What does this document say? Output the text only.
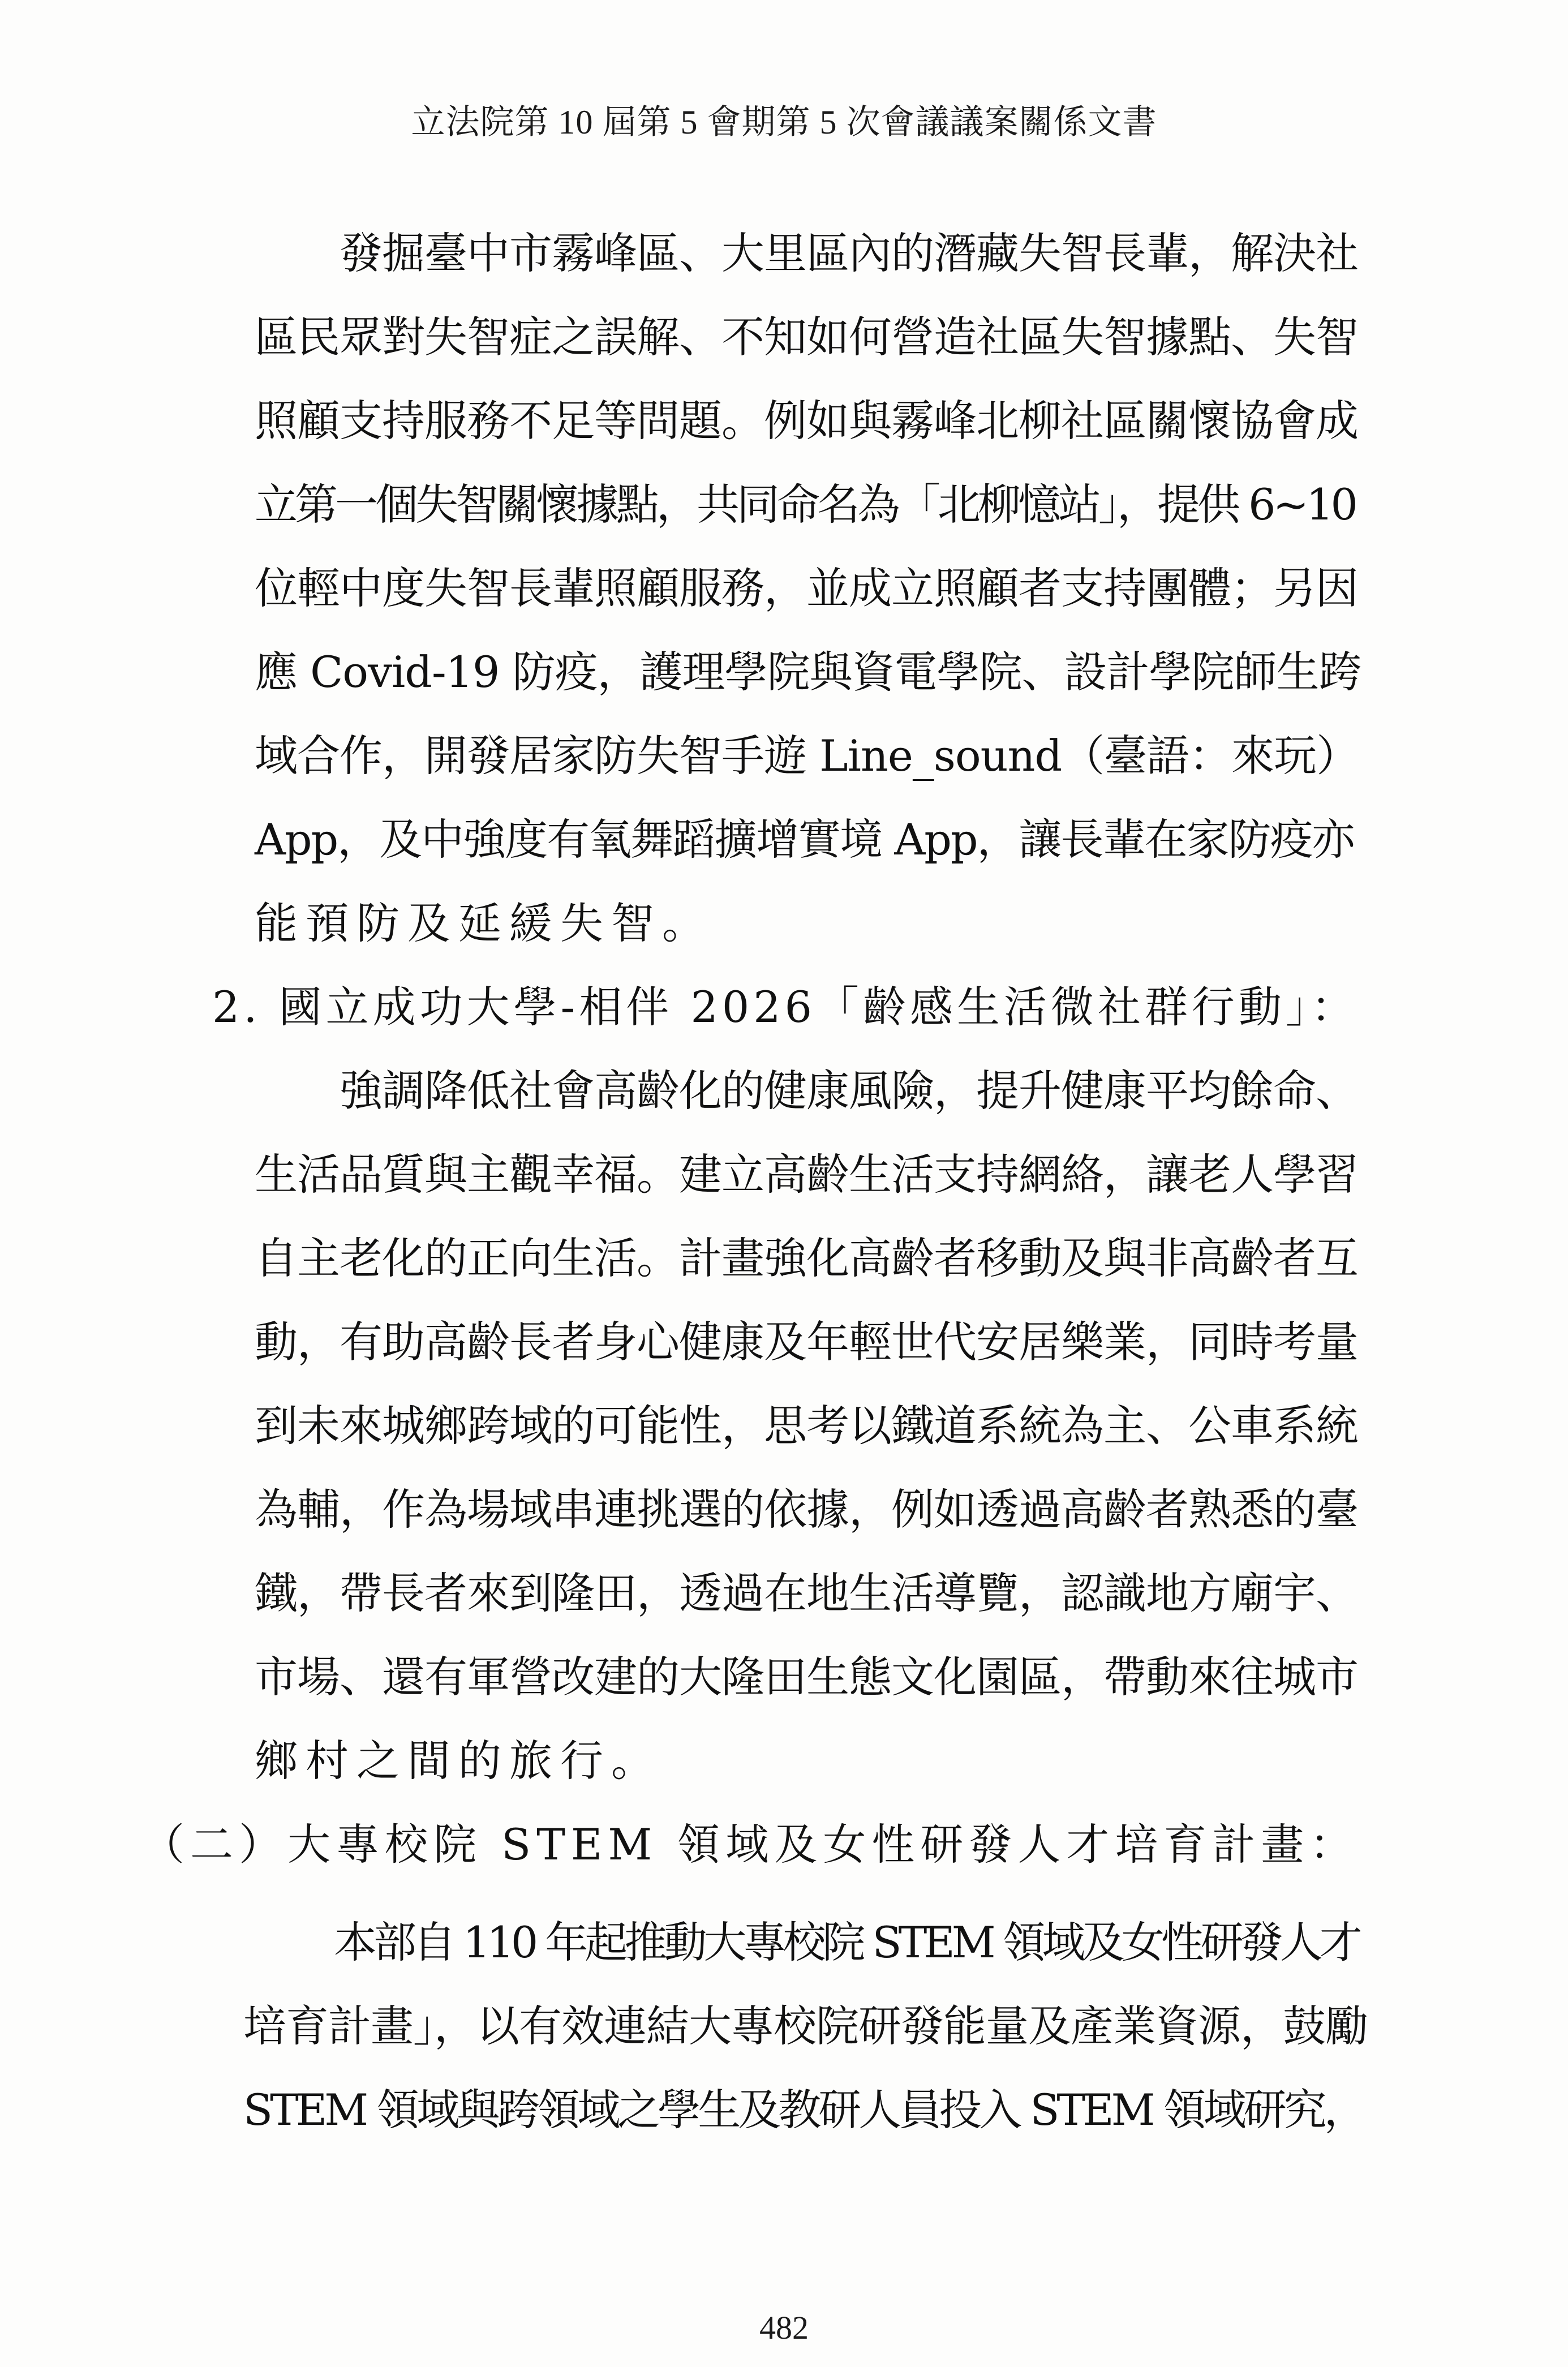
立法院第 10 屆第 5 會期第 5 次會議議案關係文書
發掘臺中市霧峰區、大里區內的潛藏失智長輩，解決社
區民眾對失智症之誤解、不知如何營造社區失智據點、失智
照顧支持服務不足等問題。例如與霧峰北柳社區關懷協會成
立第一個失智關懷據點，共同命名為「北柳憶站」，提供 6~10
位輕中度失智長輩照顧服務，並成立照顧者支持團體；另因
應 Covid-19 防疫，護理學院與資電學院、設計學院師生跨
域合作，開發居家防失智手遊 Line_sound（臺語：來玩）
App，及中強度有氧舞蹈擴增實境 App，讓長輩在家防疫亦
能預防及延緩失智。
2. 國立成功大學-相伴 2026「齡感生活微社群行動」：
強調降低社會高齡化的健康風險，提升健康平均餘命、
生活品質與主觀幸福。建立高齡生活支持網絡，讓老人學習
自主老化的正向生活。計畫強化高齡者移動及與非高齡者互
動，有助高齡長者身心健康及年輕世代安居樂業，同時考量
到未來城鄉跨域的可能性，思考以鐵道系統為主、公車系統
為輔，作為場域串連挑選的依據，例如透過高齡者熟悉的臺
鐵，帶長者來到隆田，透過在地生活導覽，認識地方廟宇、
市場、還有軍營改建的大隆田生態文化園區，帶動來往城市
鄉村之間的旅行。
（二）大專校院 STEM 領域及女性研發人才培育計畫：
本部自 110 年起推動大專校院 STEM 領域及女性研發人才
培育計畫」，以有效連結大專校院研發能量及產業資源，鼓勵
STEM 領域與跨領域之學生及教研人員投入 STEM 領域研究，
482
